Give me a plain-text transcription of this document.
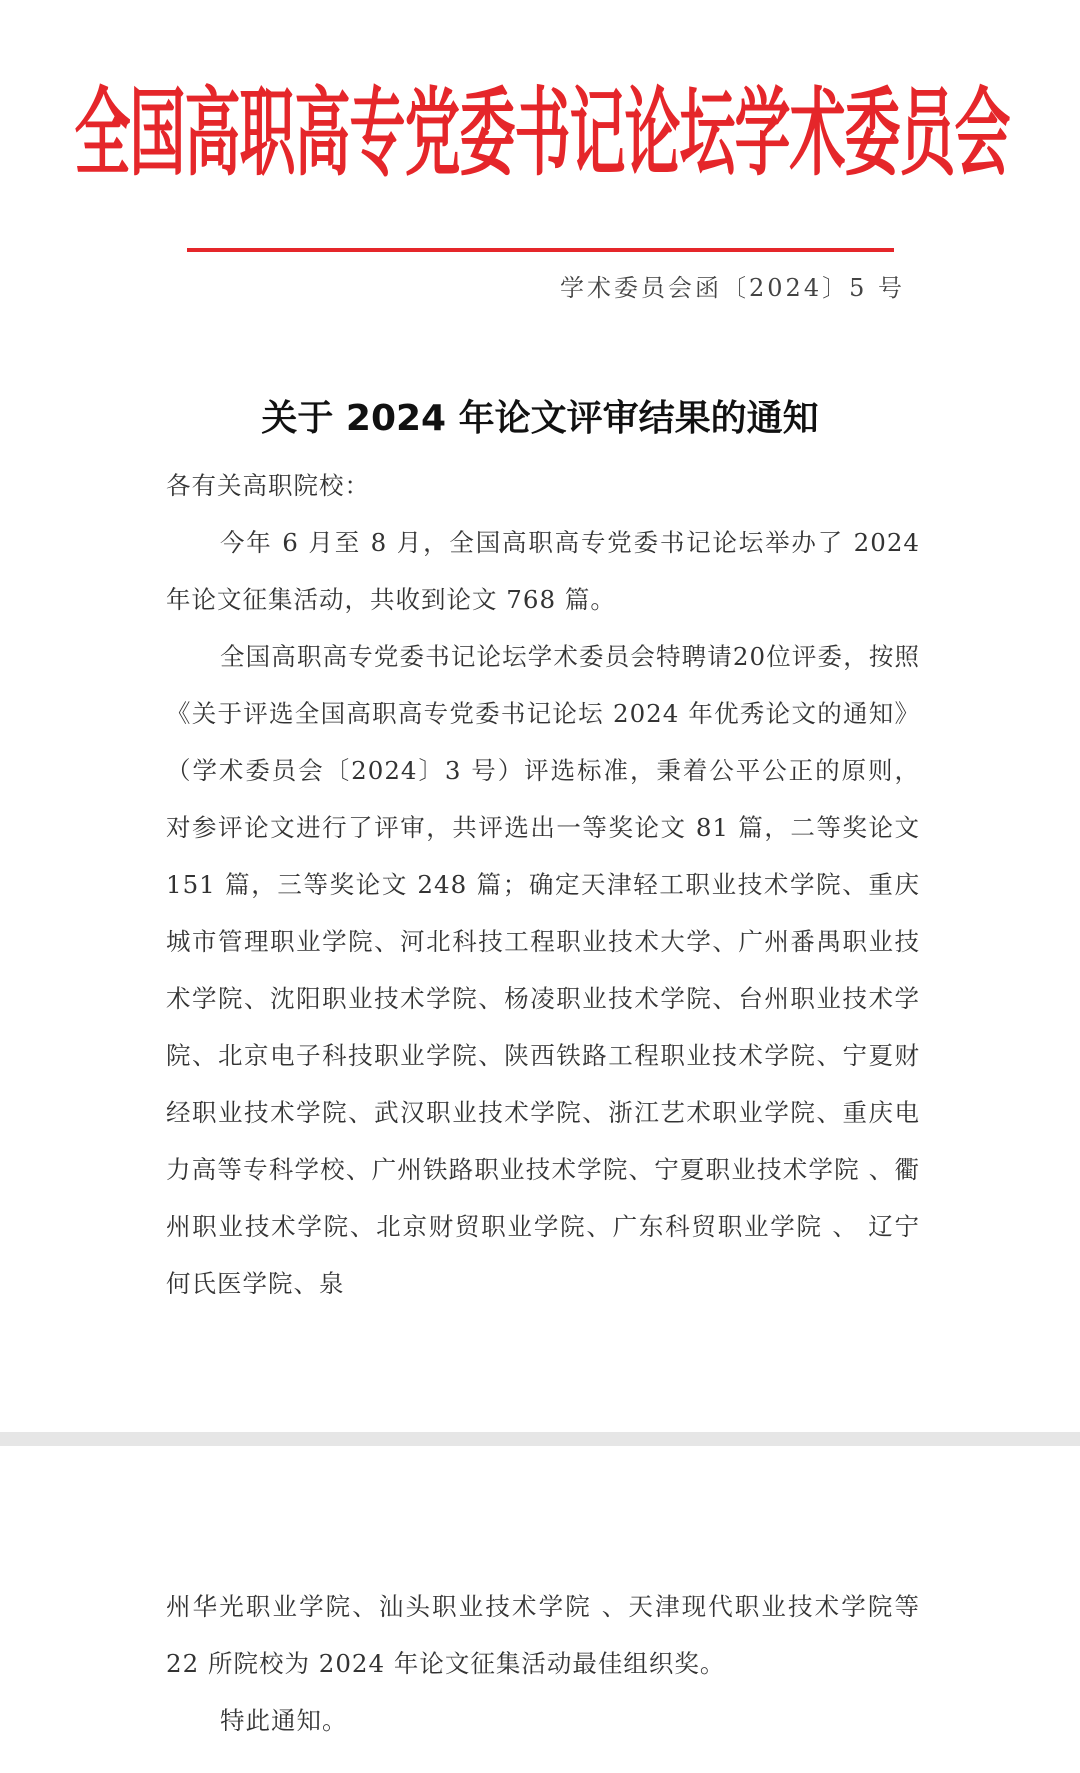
全国高职高专党委书记论坛学术委员会
学术委员会函〔2024〕5 号
关于 2024 年论文评审结果的通知

各有关高职院校：

今年 6 月至 8 月，全国高职高专党委书记论坛举办了 2024 年论文征集活动，共收到论文 768 篇。

全国高职高专党委书记论坛学术委员会特聘请20位评委，按照《关于评选全国高职高专党委书记论坛 2024 年优秀论文的通知》（学术委员会〔2024〕3 号）评选标准，秉着公平公正的原则，对参评论文进行了评审，共评选出一等奖论文 81 篇，二等奖论文 151 篇，三等奖论文 248 篇；确定天津轻工职业技术学院、重庆城市管理职业学院、河北科技工程职业技术大学、广州番禺职业技术学院、沈阳职业技术学院、杨凌职业技术学院、台州职业技术学院、北京电子科技职业学院、陕西铁路工程职业技术学院、宁夏财经职业技术学院、武汉职业技术学院、浙江艺术职业学院、重庆电力高等专科学校、广州铁路职业技术学院、宁夏职业技术学院 、衢州职业技术学院、北京财贸职业学院、广东科贸职业学院 、 辽宁何氏医学院、泉

州华光职业学院、汕头职业技术学院 、天津现代职业技术学院等 22 所院校为 2024 年论文征集活动最佳组织奖。

特此通知。
